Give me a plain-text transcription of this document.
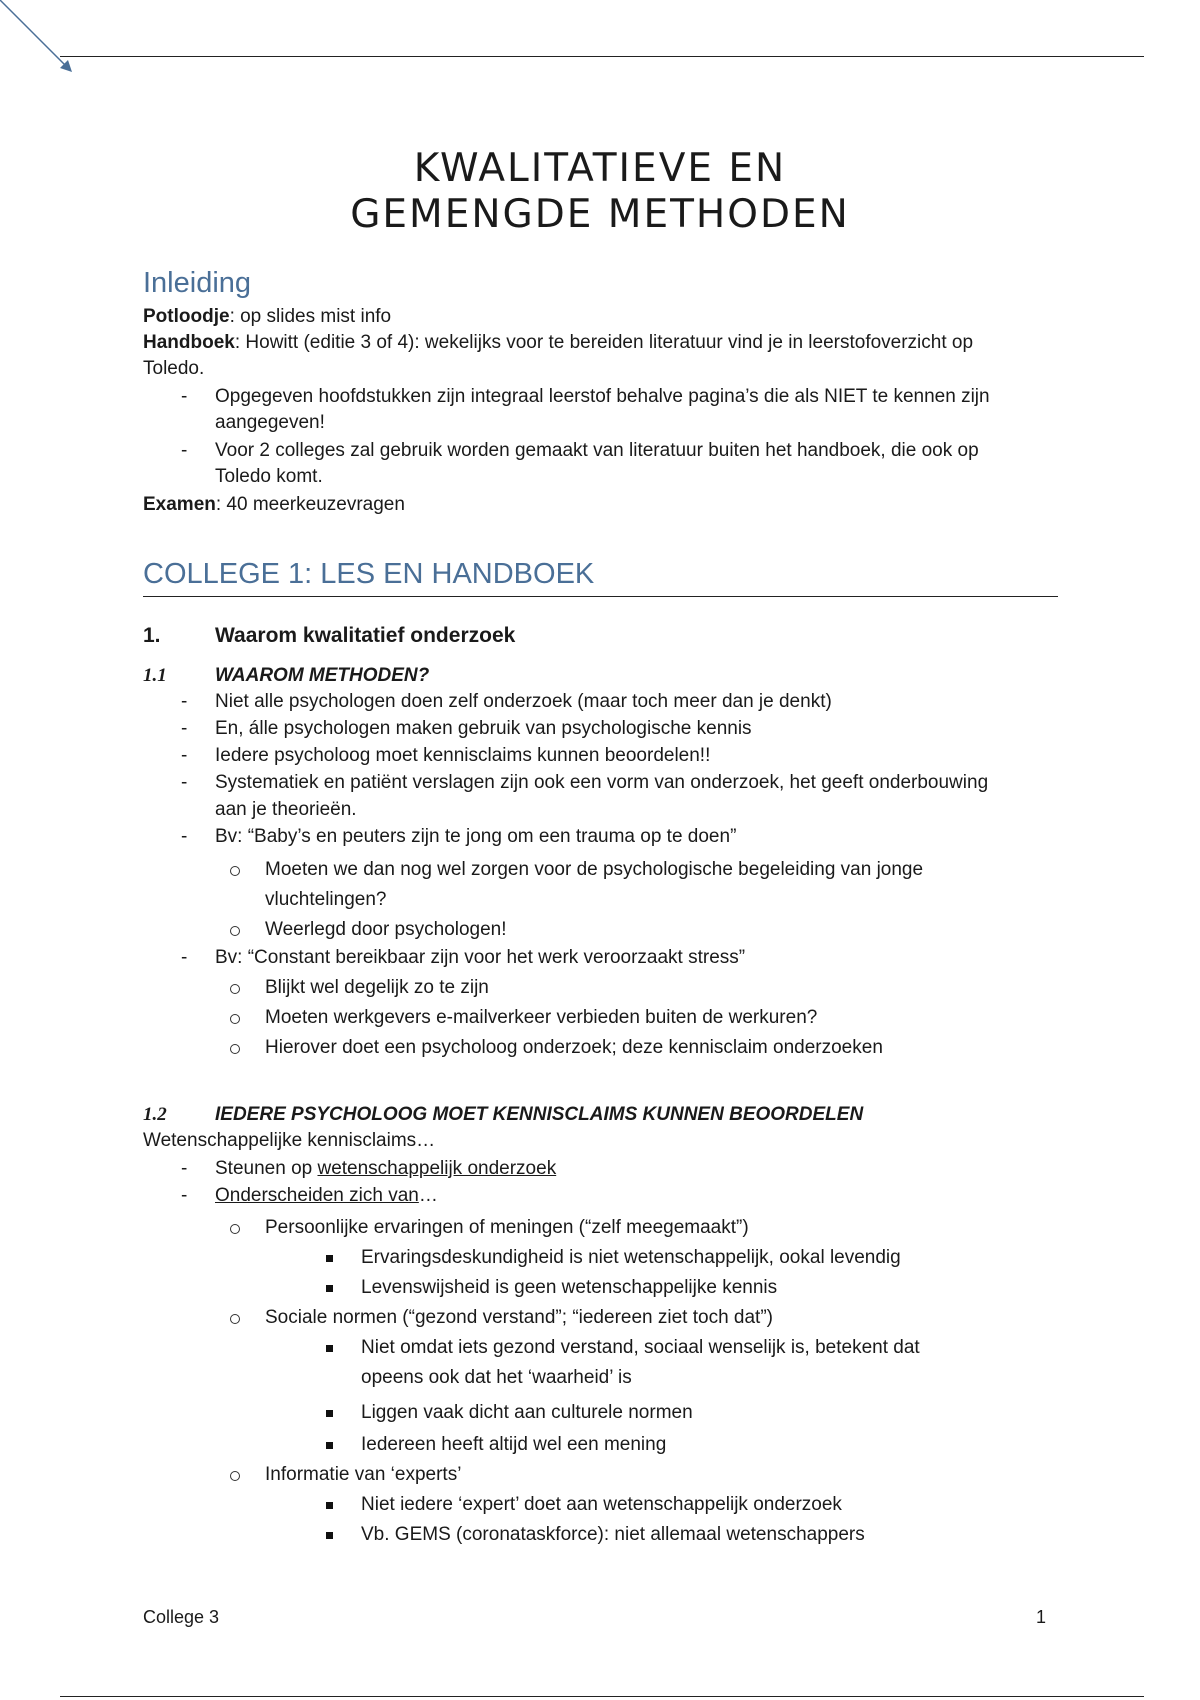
KWALITATIEVE EN
GEMENGDE METHODEN
Inleiding
Potloodje: op slides mist info
Handboek: Howitt (editie 3 of 4): wekelijks voor te bereiden literatuur vind je in leerstofoverzicht op
Toledo.
- Opgegeven hoofdstukken zijn integraal leerstof behalve pagina’s die als NIET te kennen zijn
aangegeven!
- Voor 2 colleges zal gebruik worden gemaakt van literatuur buiten het handboek, die ook op
Toledo komt.
Examen: 40 meerkeuzevragen
COLLEGE 1: LES EN HANDBOEK
1.	Waarom kwalitatief onderzoek
1.1	WAAROM METHODEN?
- Niet alle psychologen doen zelf onderzoek (maar toch meer dan je denkt)
- En, álle psychologen maken gebruik van psychologische kennis
- Iedere psycholoog moet kennisclaims kunnen beoordelen!!
- Systematiek en patiënt verslagen zijn ook een vorm van onderzoek, het geeft onderbouwing
aan je theorieën.
- Bv: “Baby’s en peuters zijn te jong om een trauma op te doen”
Moeten we dan nog wel zorgen voor de psychologische begeleiding van jonge
vluchtelingen?
Weerlegd door psychologen!
- Bv: “Constant bereikbaar zijn voor het werk veroorzaakt stress”
Blijkt wel degelijk zo te zijn
Moeten werkgevers e-mailverkeer verbieden buiten de werkuren?
Hierover doet een psycholoog onderzoek; deze kennisclaim onderzoeken
1.2	IEDERE PSYCHOLOOG MOET KENNISCLAIMS KUNNEN BEOORDELEN
Wetenschappelijke kennisclaims…
- Steunen op wetenschappelijk onderzoek
- Onderscheiden zich van…
Persoonlijke ervaringen of meningen (“zelf meegemaakt”)
Ervaringsdeskundigheid is niet wetenschappelijk, ookal levendig
Levenswijsheid is geen wetenschappelijke kennis
Sociale normen (“gezond verstand”; “iedereen ziet toch dat”)
Niet omdat iets gezond verstand, sociaal wenselijk is, betekent dat
opeens ook dat het ‘waarheid’ is
Liggen vaak dicht aan culturele normen
Iedereen heeft altijd wel een mening
Informatie van ‘experts’
Niet iedere ‘expert’ doet aan wetenschappelijk onderzoek
Vb. GEMS (coronataskforce): niet allemaal wetenschappers
College 3	1
